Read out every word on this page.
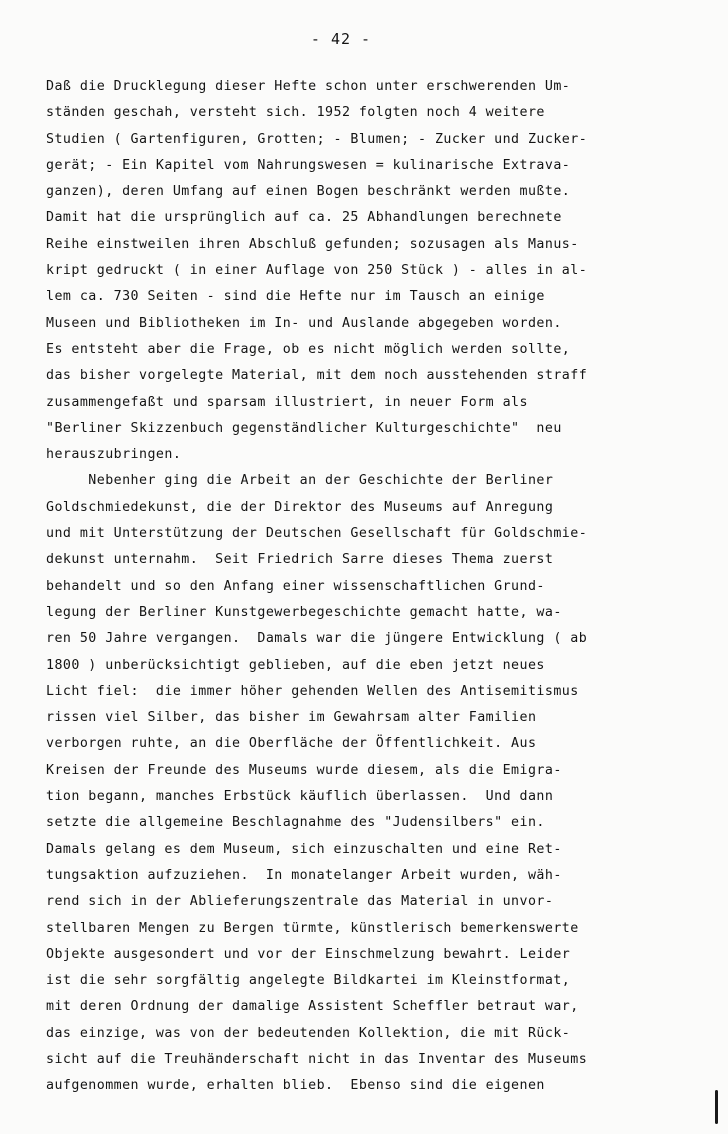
- 42 -
Daß die Drucklegung dieser Hefte schon unter erschwerenden Um-
ständen geschah, versteht sich. 1952 folgten noch 4 weitere
Studien ( Gartenfiguren, Grotten; - Blumen; - Zucker und Zucker-
gerät; - Ein Kapitel vom Nahrungswesen = kulinarische Extrava-
ganzen), deren Umfang auf einen Bogen beschränkt werden mußte.
Damit hat die ursprünglich auf ca. 25 Abhandlungen berechnete
Reihe einstweilen ihren Abschluß gefunden; sozusagen als Manus-
kript gedruckt ( in einer Auflage von 250 Stück ) - alles in al-
lem ca. 730 Seiten - sind die Hefte nur im Tausch an einige
Museen und Bibliotheken im In- und Auslande abgegeben worden.
Es entsteht aber die Frage, ob es nicht möglich werden sollte,
das bisher vorgelegte Material, mit dem noch ausstehenden straff
zusammengefaßt und sparsam illustriert, in neuer Form als
"Berliner Skizzenbuch gegenständlicher Kulturgeschichte"  neu
herauszubringen.
Nebenher ging die Arbeit an der Geschichte der Berliner
Goldschmiedekunst, die der Direktor des Museums auf Anregung
und mit Unterstützung der Deutschen Gesellschaft für Goldschmie-
dekunst unternahm.  Seit Friedrich Sarre dieses Thema zuerst
behandelt und so den Anfang einer wissenschaftlichen Grund-
legung der Berliner Kunstgewerbegeschichte gemacht hatte, wa-
ren 50 Jahre vergangen.  Damals war die jüngere Entwicklung ( ab
1800 ) unberücksichtigt geblieben, auf die eben jetzt neues
Licht fiel:  die immer höher gehenden Wellen des Antisemitismus
rissen viel Silber, das bisher im Gewahrsam alter Familien
verborgen ruhte, an die Oberfläche der Öffentlichkeit. Aus
Kreisen der Freunde des Museums wurde diesem, als die Emigra-
tion begann, manches Erbstück käuflich überlassen.  Und dann
setzte die allgemeine Beschlagnahme des "Judensilbers" ein.
Damals gelang es dem Museum, sich einzuschalten und eine Ret-
tungsaktion aufzuziehen.  In monatelanger Arbeit wurden, wäh-
rend sich in der Ablieferungszentrale das Material in unvor-
stellbaren Mengen zu Bergen türmte, künstlerisch bemerkenswerte
Objekte ausgesondert und vor der Einschmelzung bewahrt. Leider
ist die sehr sorgfältig angelegte Bildkartei im Kleinstformat,
mit deren Ordnung der damalige Assistent Scheffler betraut war,
das einzige, was von der bedeutenden Kollektion, die mit Rück-
sicht auf die Treuhänderschaft nicht in das Inventar des Museums
aufgenommen wurde, erhalten blieb.  Ebenso sind die eigenen
